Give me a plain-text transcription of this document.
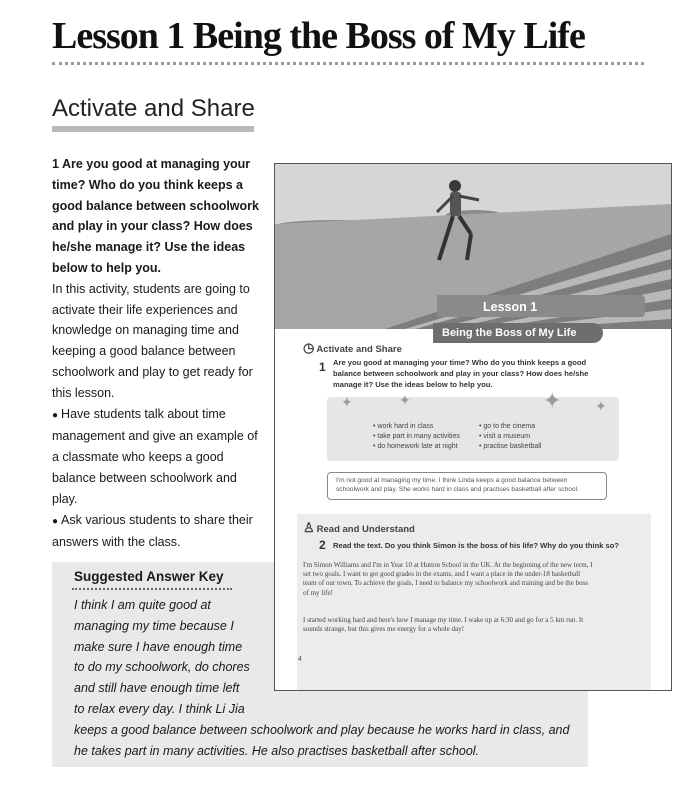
Lesson 1 Being the Boss of My Life
Activate and Share

1 Are you good at managing your time? Who do you think keeps a good balance between schoolwork and play in your class? How does he/she manage it? Use the ideas below to help you.

In this activity, students are going to activate their life experiences and knowledge on managing time and keeping a good balance between schoolwork and play to get ready for this lesson.

● Have students talk about time management and give an example of a classmate who keeps a good balance between schoolwork and play.

● Ask various students to share their answers with the class.

Suggested Answer Key
I think I am quite good at managing my time because I make sure I have enough time to do my schoolwork, do chores and still have enough time left to relax every day. I think Li Jia
keeps a good balance between schoolwork and play because he works hard in class, and he takes part in many activities. He also practises basketball after school.
Lesson 1
Being the Boss of My Life
◷ Activate and Share
1 Are you good at managing your time? Who do you think keeps a good balance between schoolwork and play in your class? How does he/she manage it? Use the ideas below to help you.
✦	✦	✦ ✦
• work hard in class
• take part in many activities
• do homework late at night
• go to the cinema
• visit a museum
• practise basketball
I'm not good at managing my time. I think Linda keeps a good balance between schoolwork and play. She works hard in class and practises basketball after school.
♙ Read and Understand
2 Read the text. Do you think Simon is the boss of his life? Why do you think so?
I'm Simon Williams and I'm in Year 10 at Hutton School in the UK. At the beginning of the new term, I set two goals. I want to get good grades in the exams, and I want a place in the under-18 basketball team of our town. To achieve the goals, I need to balance my schoolwork and training and be the boss of my life!
I started working hard and here's how I manage my time. I wake up at 6:30 and go for a 5 km run. It sounds strange, but this gives me energy for a whole day!
4
